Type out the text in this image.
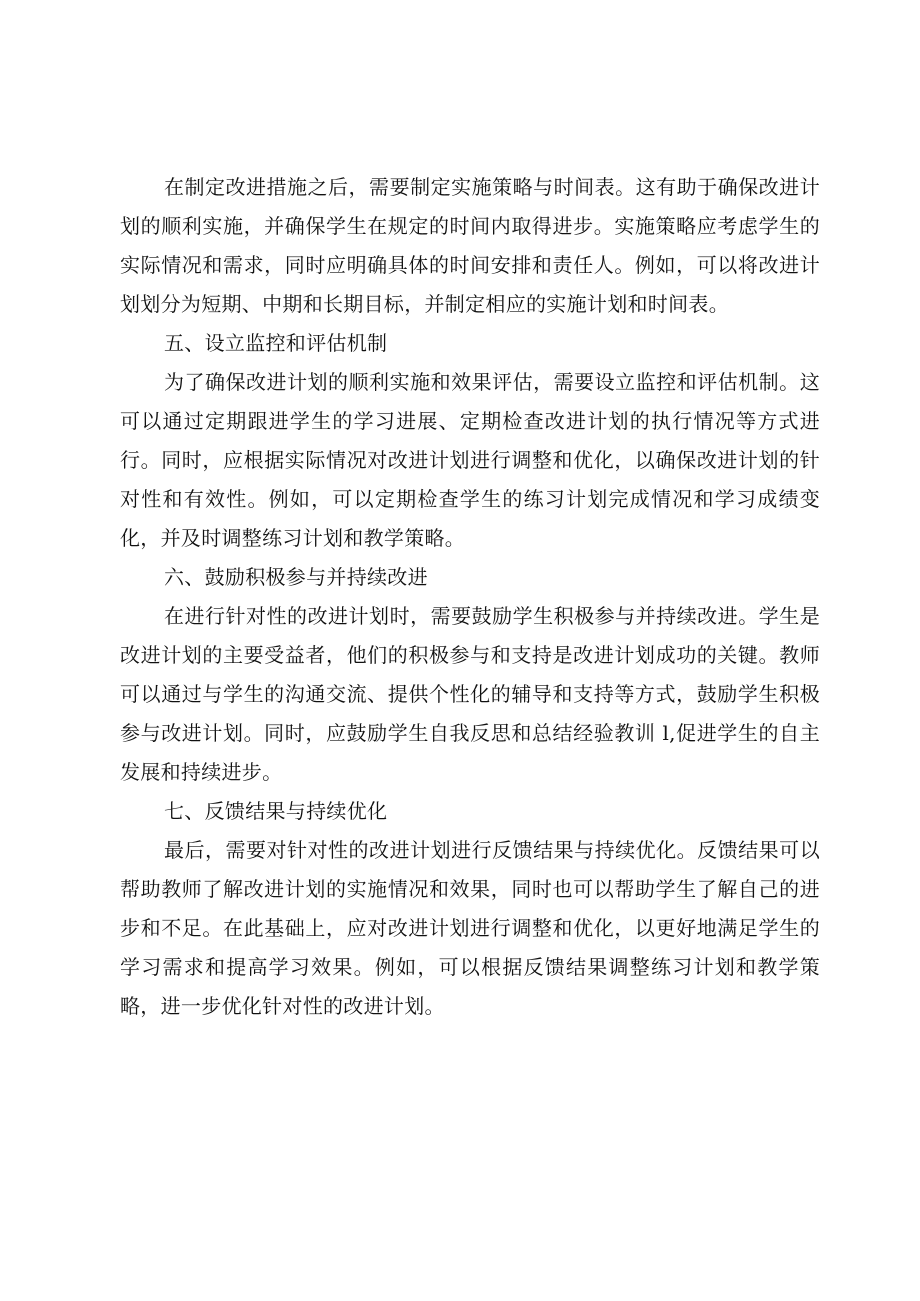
在制定改进措施之后，需要制定实施策略与时间表。这有助于确保改进计划的顺利实施，并确保学生在规定的时间内取得进步。实施策略应考虑学生的实际情况和需求，同时应明确具体的时间安排和责任人。例如，可以将改进计划划分为短期、中期和长期目标，并制定相应的实施计划和时间表。

五、设立监控和评估机制

为了确保改进计划的顺利实施和效果评估，需要设立监控和评估机制。这可以通过定期跟进学生的学习进展、定期检查改进计划的执行情况等方式进行。同时，应根据实际情况对改进计划进行调整和优化，以确保改进计划的针对性和有效性。例如，可以定期检查学生的练习计划完成情况和学习成绩变化，并及时调整练习计划和教学策略。

六、鼓励积极参与并持续改进

在进行针对性的改进计划时，需要鼓励学生积极参与并持续改进。学生是改进计划的主要受益者，他们的积极参与和支持是改进计划成功的关键。教师可以通过与学生的沟通交流、提供个性化的辅导和支持等方式，鼓励学生积极参与改进计划。同时，应鼓励学生自我反思和总结经验教训 l,促进学生的自主发展和持续进步。

七、反馈结果与持续优化

最后，需要对针对性的改进计划进行反馈结果与持续优化。反馈结果可以帮助教师了解改进计划的实施情况和效果，同时也可以帮助学生了解自己的进步和不足。在此基础上，应对改进计划进行调整和优化，以更好地满足学生的学习需求和提高学习效果。例如，可以根据反馈结果调整练习计划和教学策略，进一步优化针对性的改进计划。
